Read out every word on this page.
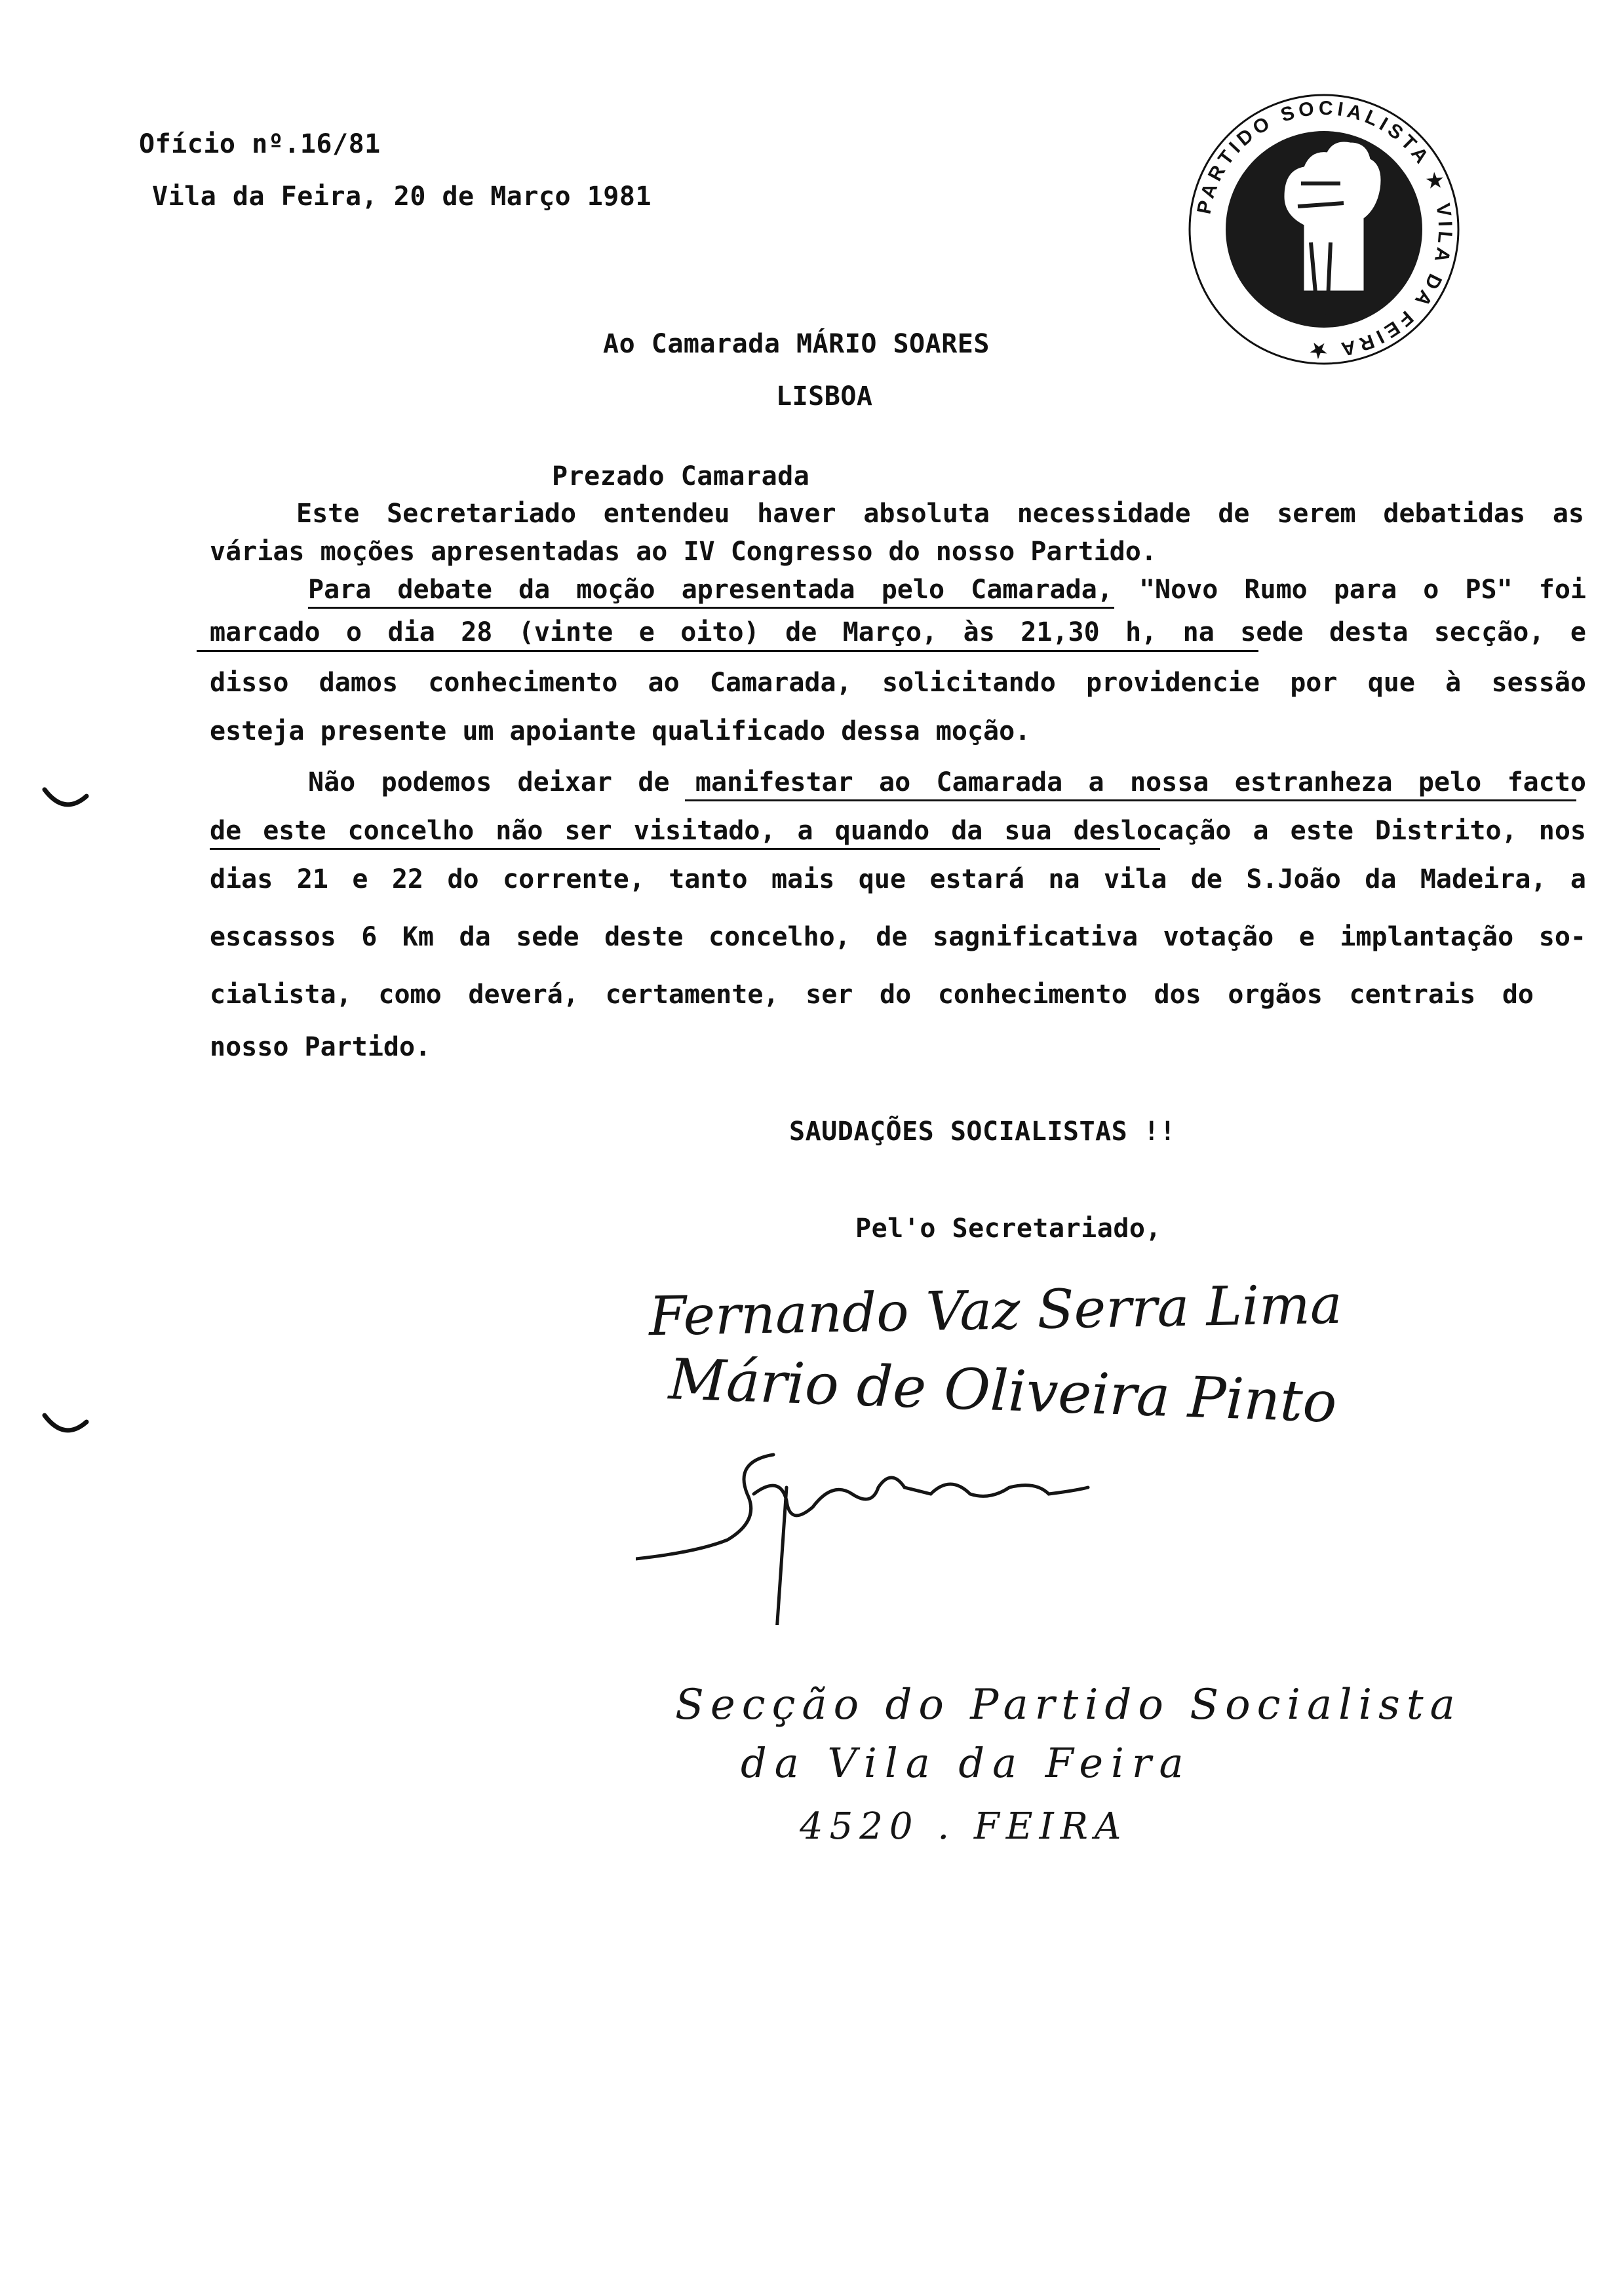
Ofício nº.16/81
Vila da Feira, 20 de Março 1981	PARTIDO SOCIALISTA ★ VILA DA FEIRA ★
Ao Camarada MÁRIO SOARES
LISBOA
Prezado Camarada
Este Secretariado entendeu haver absoluta necessidade de serem debatidas as
várias moções apresentadas ao IV Congresso do nosso Partido.
Para debate da moção apresentada pelo Camarada, "Novo Rumo para o PS" foi
marcado o dia 28 (vinte e oito) de Março, às 21,30 h, na sede desta secção, e
disso damos conhecimento ao Camarada, solicitando providencie por que à sessão
esteja presente um apoiante qualificado dessa moção.
Não podemos deixar de manifestar ao Camarada a nossa estranheza pelo facto
de este concelho não ser visitado, a quando da sua deslocação a este Distrito, nos
dias 21 e 22 do corrente, tanto mais que estará na vila de S.João da Madeira, a
escassos 6 Km da sede deste concelho, de sagnificativa votação e implantação so-
cialista, como deverá, certamente, ser do conhecimento dos orgãos centrais do
nosso Partido.
SAUDAÇÕES SOCIALISTAS !!
Pel'o Secretariado,
Fernando Vaz Serra Lima
Mário de Oliveira Pinto
Secção do Partido Socialista
da Vila da Feira
4520 . FEIRA
